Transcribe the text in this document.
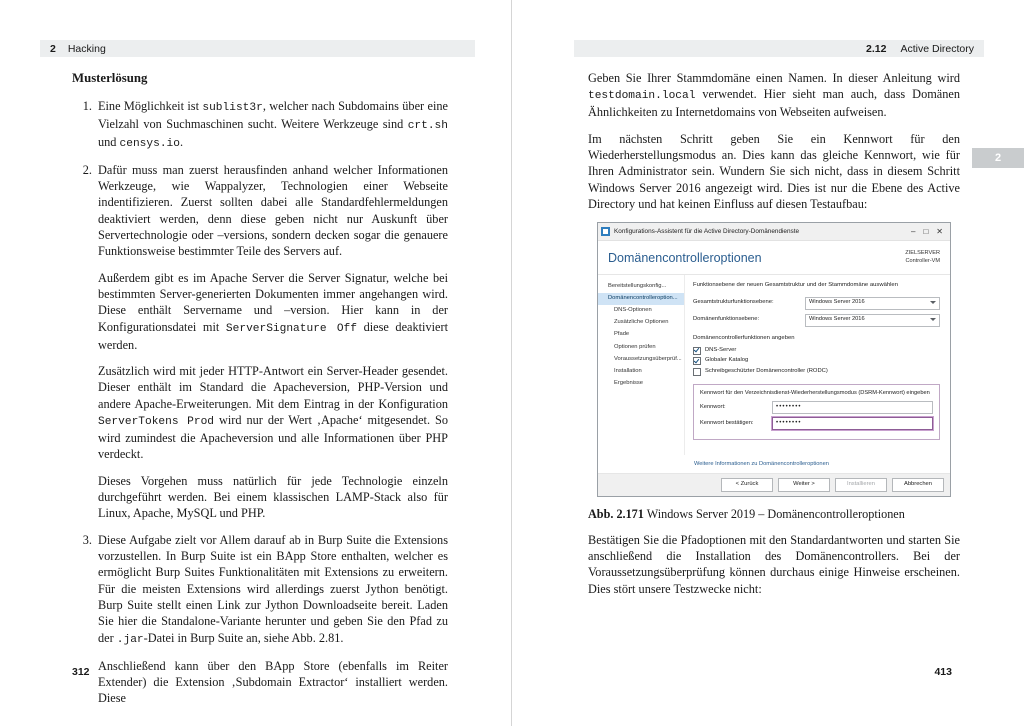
2 Hacking
Musterlösung
1. Eine Möglichkeit ist sublist3r, welcher nach Subdomains über eine Vielzahl von Suchmaschinen sucht. Weitere Werkzeuge sind crt.sh und censys.io.
2. Dafür muss man zuerst herausfinden anhand welcher Informationen Werkzeuge, wie Wappalyzer, Technologien einer Webseite indentifizieren. Zuerst sollten dabei alle Standardfehlermeldungen deaktiviert werden, denn diese geben nicht nur Auskunft über Servertechnologie oder –versions, sondern decken sogar die genauere Funktionsweise bestimmter Teile des Servers auf.

Außerdem gibt es im Apache Server die Server Signatur, welche bei bestimmten Server-generierten Dokumenten immer angehangen wird. Diese enthält Servername und –version. Hier kann in der Konfigurationsdatei mit ServerSignature Off diese deaktiviert werden.

Zusätzlich wird mit jeder HTTP-Antwort ein Server-Header gesendet. Dieser enthält im Standard die Apacheversion, PHP-Version und andere Apache-Erweiterungen. Mit dem Eintrag in der Konfiguration ServerTokens Prod wird nur der Wert ‚Apache‘ mitgesendet. So wird zumindest die Apacheversion und alle Informationen über PHP verdeckt.

Dieses Vorgehen muss natürlich für jede Technologie einzeln durchgeführt werden. Bei einem klassischen LAMP-Stack also für Linux, Apache, MySQL und PHP.

3. Diese Aufgabe zielt vor Allem darauf ab in Burp Suite die Extensions vorzustellen. In Burp Suite ist ein BApp Store enthalten, welcher es ermöglicht Burp Suites Funktionalitäten mit Extensions zu erweitern. Für die meisten Extensions wird allerdings zuerst Jython benötigt. Burp Suite stellt einen Link zur Jython Downloadseite bereit. Laden Sie hier die Standalone-Variante herunter und geben Sie den Pfad zu der .jar-Datei in Burp Suite an, siehe Abb. 2.81.

Anschließend kann über den BApp Store (ebenfalls im Reiter Extender) die Extension ‚Subdomain Extractor‘ installiert werden. Diese

312
2.12 Active Directory
2

Geben Sie Ihrer Stammdomäne einen Namen. In dieser Anleitung wird testdomain.local verwendet. Hier sieht man auch, dass Domänen Ähnlichkeiten zu Internetdomains von Webseiten aufweisen.

Im nächsten Schritt geben Sie ein Kennwort für den Wiederherstellungsmodus an. Dies kann das gleiche Kennwort, wie für Ihren Administrator sein. Wundern Sie sich nicht, dass in diesem Schritt Windows Server 2016 angezeigt wird. Dies ist nur die Ebene des Active Directory und hat keinen Einfluss auf diesen Testaufbau:

Konfigurations-Assistent für die Active Directory-Domänendienste	– □ ✕
Domänencontrolleroptionen	ZIELSERVER
Controller-VM
Bereitstellungskonfig...
Domänencontrolleroption...
DNS-Optionen
Zusätzliche Optionen
Pfade
Optionen prüfen
Voraussetzungsüberprüf...
Installation
Ergebnisse

Funktionsebene der neuen Gesamtstruktur und der Stammdomäne auswählen

Gesamtstrukturfunktionsebene:	Windows Server 2016
Domänenfunktionsebene:	Windows Server 2016
Domänencontrollerfunktionen angeben
DNS-Server
Globaler Katalog
Schreibgeschützter Domänencontroller (RODC)
Kennwort für den Verzeichnisdienst-Wiederherstellungsmodus (DSRM-Kennwort) eingeben
Kennwort:	••••••••
Kennwort bestätigen:	••••••••
Weitere Informationen zu Domänencontrolleroptionen
< Zurück	Weiter >	Installieren	Abbrechen
Abb. 2.171 Windows Server 2019 – Domänencontrolleroptionen

Bestätigen Sie die Pfadoptionen mit den Standardantworten und starten Sie anschließend die Installation des Domänencontrollers. Bei der Voraussetzungsüberprüfung können durchaus einige Hinweise erscheinen. Dies stört unsere Testzwecke nicht:

413
